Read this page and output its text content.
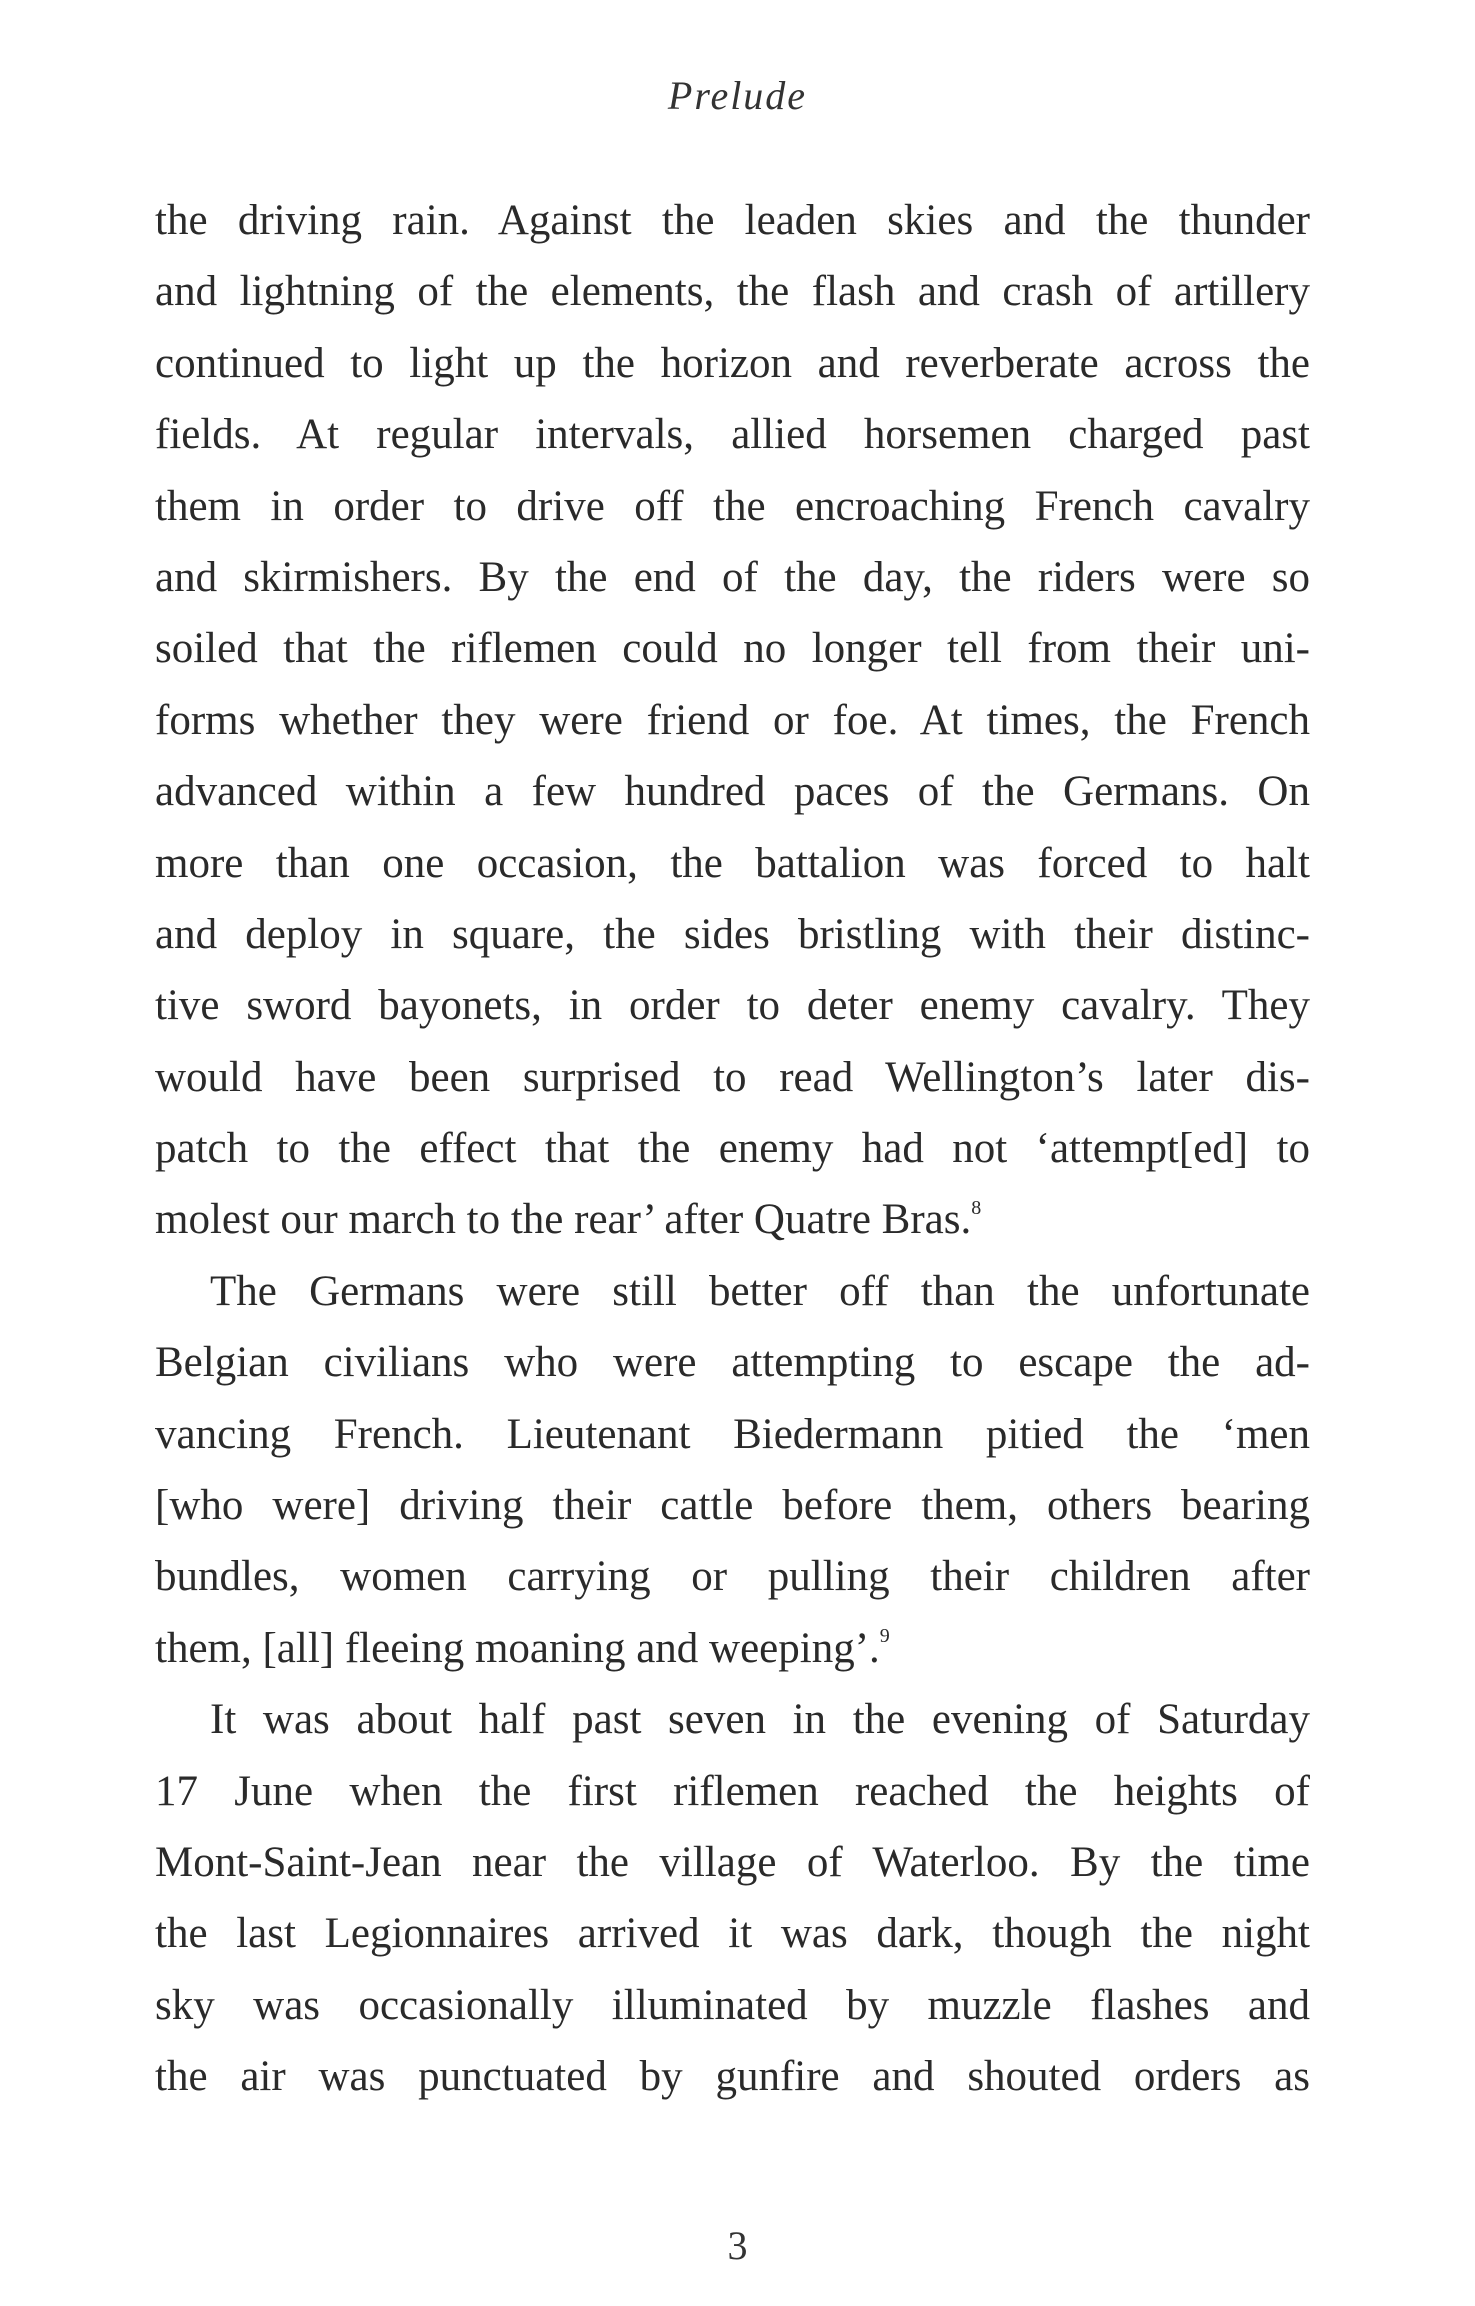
Prelude
the driving rain. Against the leaden skies and the thunder
and lightning of the elements, the flash and crash of artillery
continued to light up the horizon and reverberate across the
fields. At regular intervals, allied horsemen charged past
them in order to drive off the encroaching French cavalry
and skirmishers. By the end of the day, the riders were so
soiled that the riflemen could no longer tell from their uni-
forms whether they were friend or foe. At times, the French
advanced within a few hundred paces of the Germans. On
more than one occasion, the battalion was forced to halt
and deploy in square, the sides bristling with their distinc-
tive sword bayonets, in order to deter enemy cavalry. They
would have been surprised to read Wellington’s later dis-
patch to the effect that the enemy had not ‘attempt[ed] to
molest our march to the rear’ after Quatre Bras.$^8$
The Germans were still better off than the unfortunate
Belgian civilians who were attempting to escape the ad-
vancing French. Lieutenant Biedermann pitied the ‘men
[who were] driving their cattle before them, others bearing
bundles, women carrying or pulling their children after
them, [all] fleeing moaning and weeping’.$^9$
It was about half past seven in the evening of Saturday
17 June when the first riflemen reached the heights of
Mont-Saint-Jean near the village of Waterloo. By the time
the last Legionnaires arrived it was dark, though the night
sky was occasionally illuminated by muzzle flashes and
the air was punctuated by gunfire and shouted orders as
3
